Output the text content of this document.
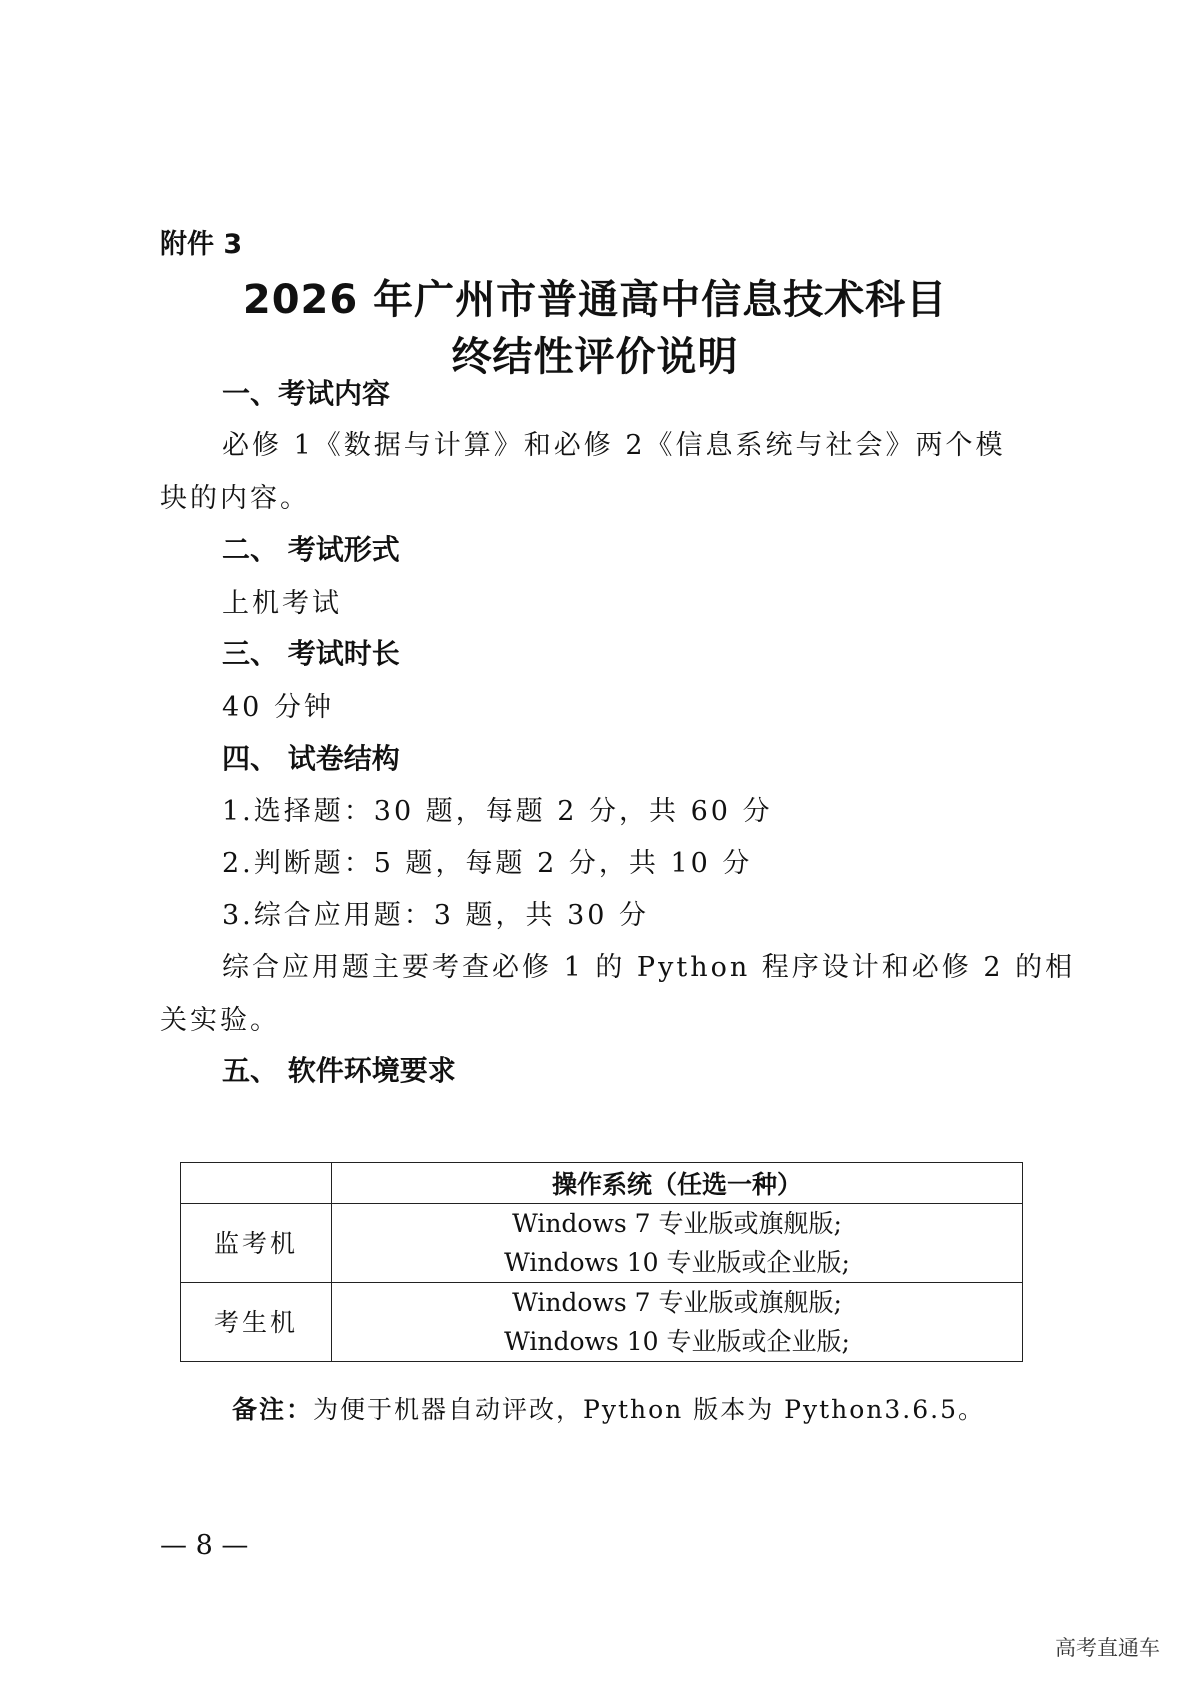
附件 3
2026 年广州市普通高中信息技术科目
终结性评价说明
一、考试内容
必修 1《数据与计算》和必修 2《信息系统与社会》两个模
块的内容。
二、 考试形式
上机考试
三、 考试时长
40 分钟
四、 试卷结构
1.选择题：30 题，每题 2 分，共 60 分
2.判断题：5 题，每题 2 分，共 10 分
3.综合应用题：3 题，共 30 分
综合应用题主要考查必修 1 的 Python 程序设计和必修 2 的相
关实验。
五、 软件环境要求
	操作系统（任选一种）
监考机	Windows 7 专业版或旗舰版;
Windows 10 专业版或企业版;

考生机	Windows 7 专业版或旗舰版;
Windows 10 专业版或企业版;
备注：为便于机器自动评改，Python 版本为 Python3.6.5。
— 8 —
高考直通车
